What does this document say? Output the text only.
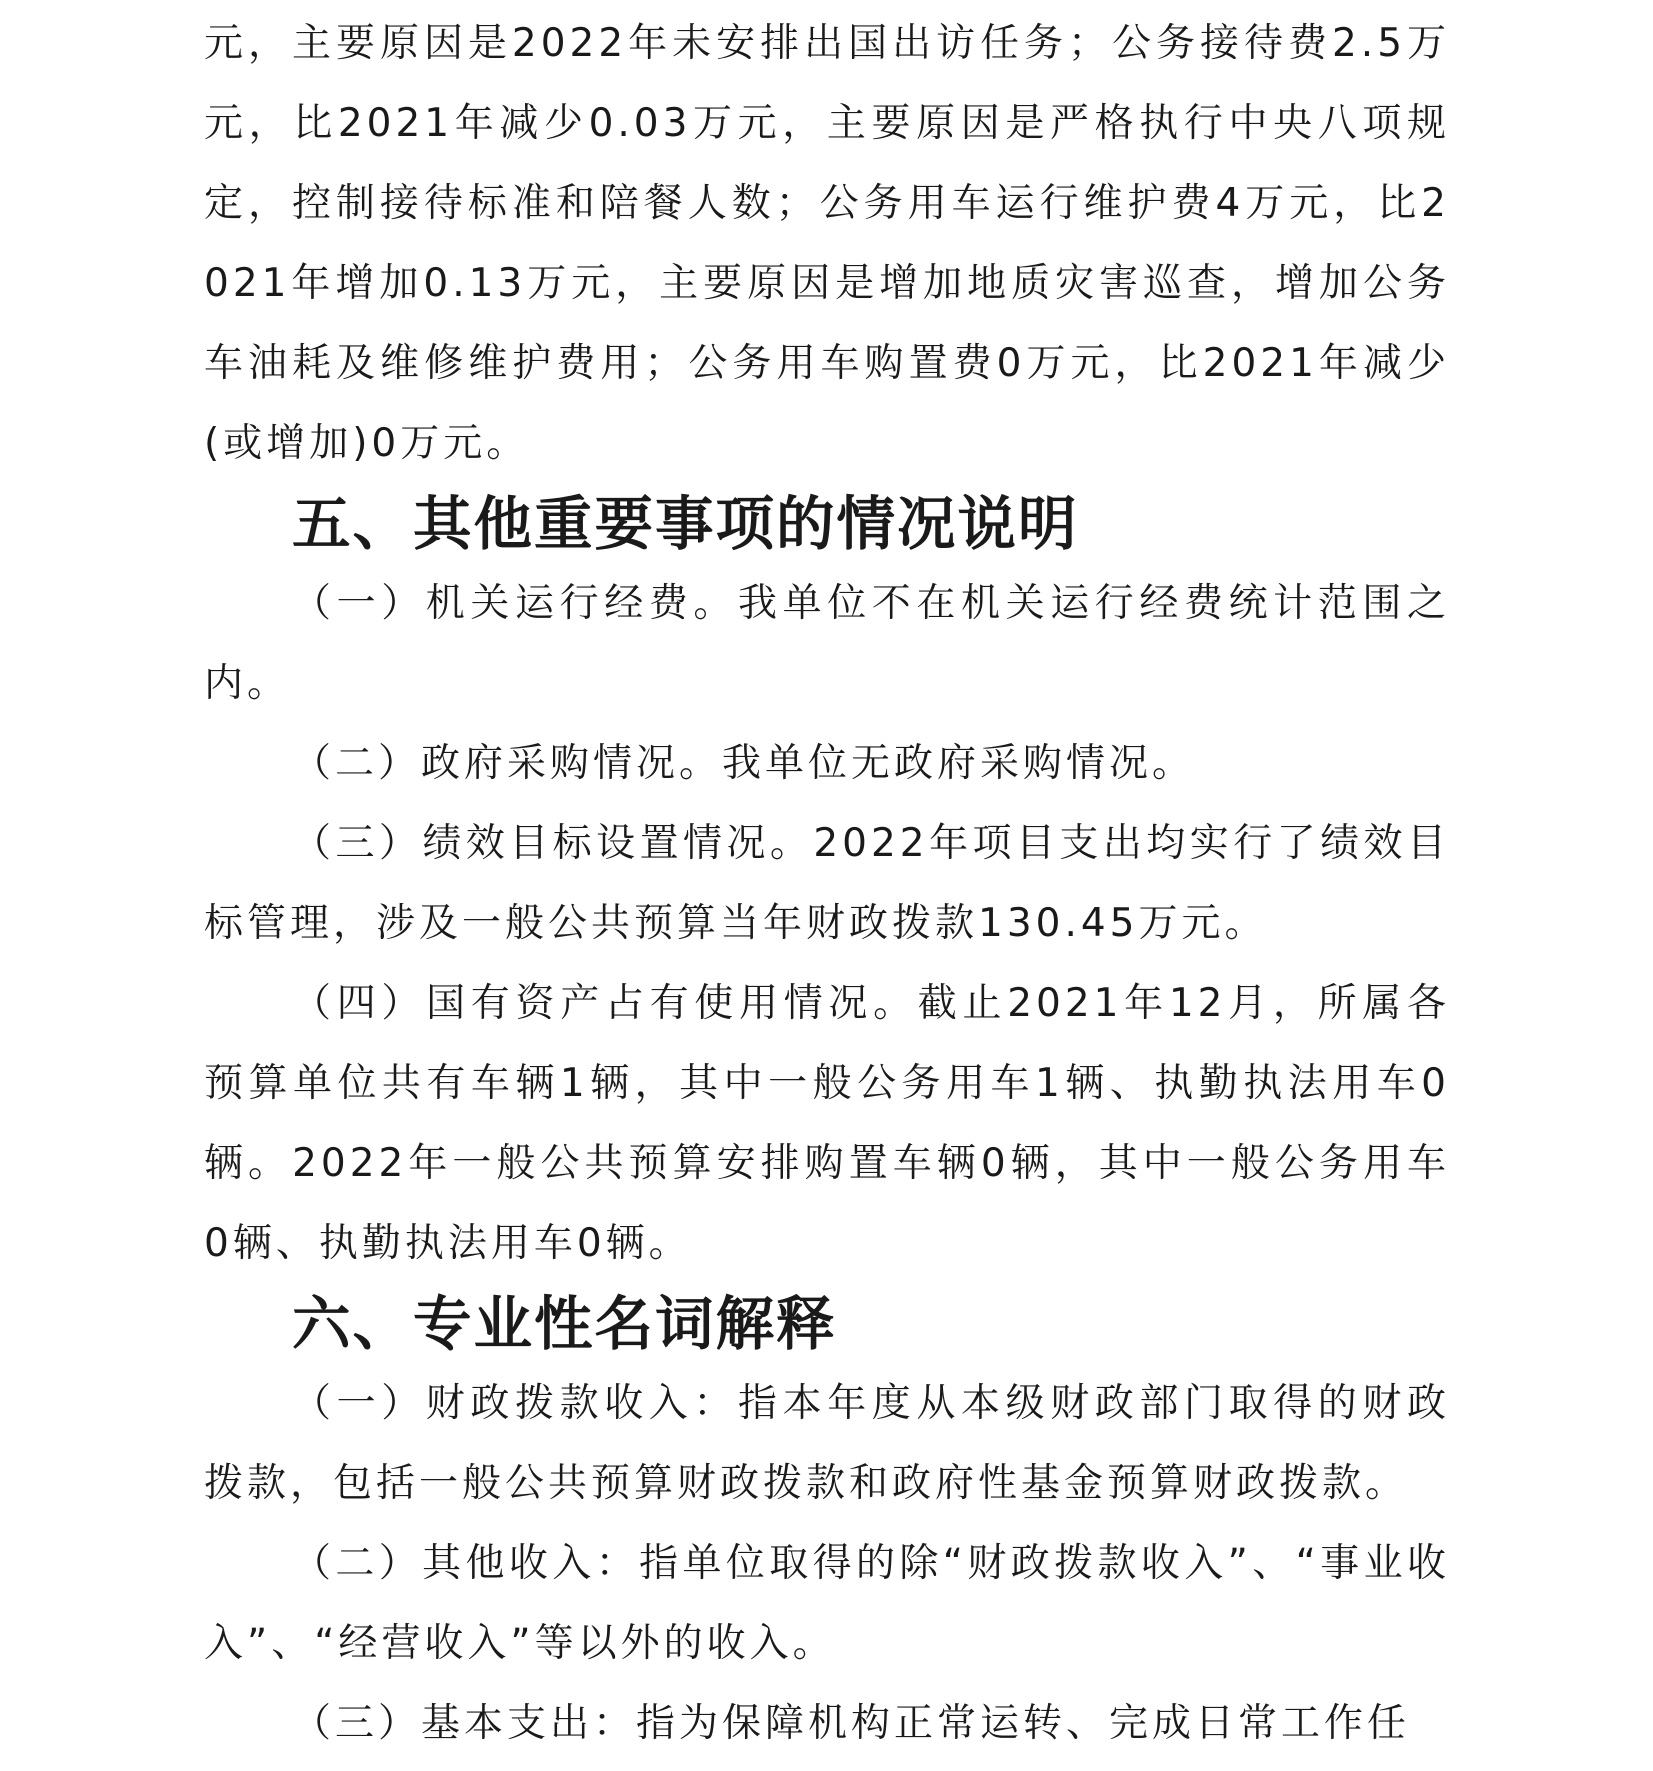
元，主要原因是2022年未安排出国出访任务；公务接待费2.5万元，比2021年减少0.03万元，主要原因是严格执行中央八项规定，控制接待标准和陪餐人数；公务用车运行维护费4万元，比2021年增加0.13万元，主要原因是增加地质灾害巡查，增加公务车油耗及维修维护费用；公务用车购置费0万元，比2021年减少(或增加)0万元。

五、其他重要事项的情况说明

（一）机关运行经费。我单位不在机关运行经费统计范围之内。

（二）政府采购情况。我单位无政府采购情况。

（三）绩效目标设置情况。2022年项目支出均实行了绩效目标管理，涉及一般公共预算当年财政拨款130.45万元。

（四）国有资产占有使用情况。截止2021年12月，所属各预算单位共有车辆1辆，其中一般公务用车1辆、执勤执法用车0辆。2022年一般公共预算安排购置车辆0辆，其中一般公务用车0辆、执勤执法用车0辆。

六、专业性名词解释

（一）财政拨款收入：指本年度从本级财政部门取得的财政拨款，包括一般公共预算财政拨款和政府性基金预算财政拨款。

（二）其他收入：指单位取得的除“财政拨款收入”、“事业收入”、“经营收入”等以外的收入。

（三）基本支出：指为保障机构正常运转、完成日常工作任
